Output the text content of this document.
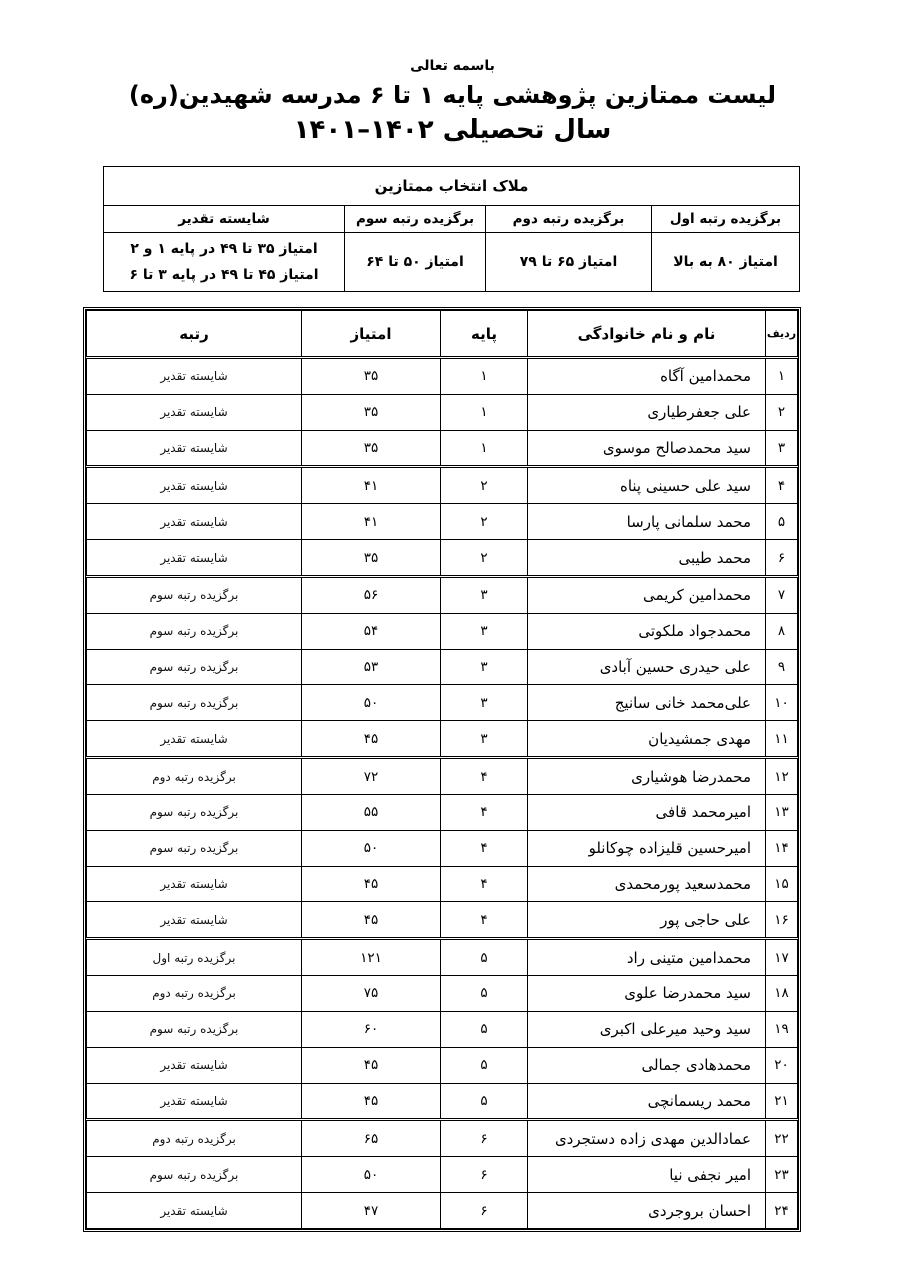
باسمه تعالی
لیست ممتازین پژوهشی پایه ۱ تا ۶ مدرسه شهیدین(ره)
سال تحصیلی ۱۴۰۲–۱۴۰۱
ملاک انتخاب ممتازین			
برگزیده رتبه اول	برگزیده رتبه دوم	برگزیده رتبه سوم	شایسته تقدیر
امتیاز ۸۰ به بالا	امتیاز ۶۵ تا ۷۹	امتیاز ۵۰ تا ۶۴	امتیاز ۳۵ تا ۴۹ در پایه ۱ و ۲
امتیاز ۴۵ تا ۴۹ در پایه ۳ تا ۶
ردیف	نام و نام خانوادگی	پایه	امتیاز	رتبه
۱	محمدامین آگاه	۱	۳۵	شایسته تقدیر
۲	علی جعفرطیاری	۱	۳۵	شایسته تقدیر
۳	سید محمدصالح موسوی	۱	۳۵	شایسته تقدیر
۴	سید علی حسینی پناه	۲	۴۱	شایسته تقدیر
۵	محمد سلمانی پارسا	۲	۴۱	شایسته تقدیر
۶	محمد طیبی	۲	۳۵	شایسته تقدیر
۷	محمدامین کریمی	۳	۵۶	برگزیده رتبه سوم
۸	محمدجواد ملکوتی	۳	۵۴	برگزیده رتبه سوم
۹	علی حیدری حسین آبادی	۳	۵۳	برگزیده رتبه سوم
۱۰	علی‌محمد خانی سانیج	۳	۵۰	برگزیده رتبه سوم
۱۱	مهدی جمشیدیان	۳	۴۵	شایسته تقدیر
۱۲	محمدرضا هوشیاری	۴	۷۲	برگزیده رتبه دوم
۱۳	امیرمحمد قافی	۴	۵۵	برگزیده رتبه سوم
۱۴	امیرحسین قلیزاده چوکانلو	۴	۵۰	برگزیده رتبه سوم
۱۵	محمدسعید پورمحمدی	۴	۴۵	شایسته تقدیر
۱۶	علی حاجی پور	۴	۴۵	شایسته تقدیر
۱۷	محمدامین متینی راد	۵	۱۲۱	برگزیده رتبه اول
۱۸	سید محمدرضا علوی	۵	۷۵	برگزیده رتبه دوم
۱۹	سید وحید میرعلی اکبری	۵	۶۰	برگزیده رتبه سوم
۲۰	محمدهادی جمالی	۵	۴۵	شایسته تقدیر
۲۱	محمد ریسمانچی	۵	۴۵	شایسته تقدیر
۲۲	عمادالدین مهدی زاده دستجردی	۶	۶۵	برگزیده رتبه دوم
۲۳	امیر نجفی نیا	۶	۵۰	برگزیده رتبه سوم
۲۴	احسان بروجردی	۶	۴۷	شایسته تقدیر
